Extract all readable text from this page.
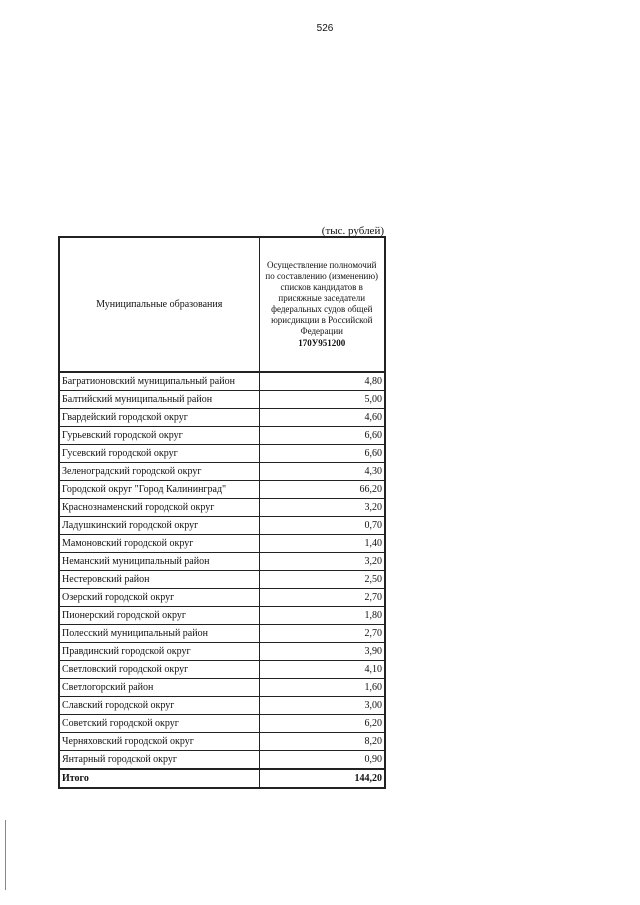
526
(тыс. рублей)
Муниципальные образования	Осуществление полномочий по составлению (изменению) списков кандидатов в присяжные заседатели федеральных судов общей юрисдикции в Российской Федерации
170У951200

Багратионовский муниципальный район	4,80
Балтийский муниципальный район	5,00
Гвардейский городской округ	4,60
Гурьевский городской округ	6,60
Гусевский городской округ	6,60
Зеленоградский городской округ	4,30
Городской округ "Город Калининград"	66,20
Краснознаменский городской округ	3,20
Ладушкинский городской округ	0,70
Мамоновский городской округ	1,40
Неманский муниципальный район	3,20
Нестеровский район	2,50
Озерский городской округ	2,70
Пионерский городской округ	1,80
Полесский муниципальный район	2,70
Правдинский городской округ	3,90
Светловский городской округ	4,10
Светлогорский район	1,60
Славский городской округ	3,00
Советский городской округ	6,20
Черняховский городской округ	8,20
Янтарный городской округ	0,90
Итого	144,20
